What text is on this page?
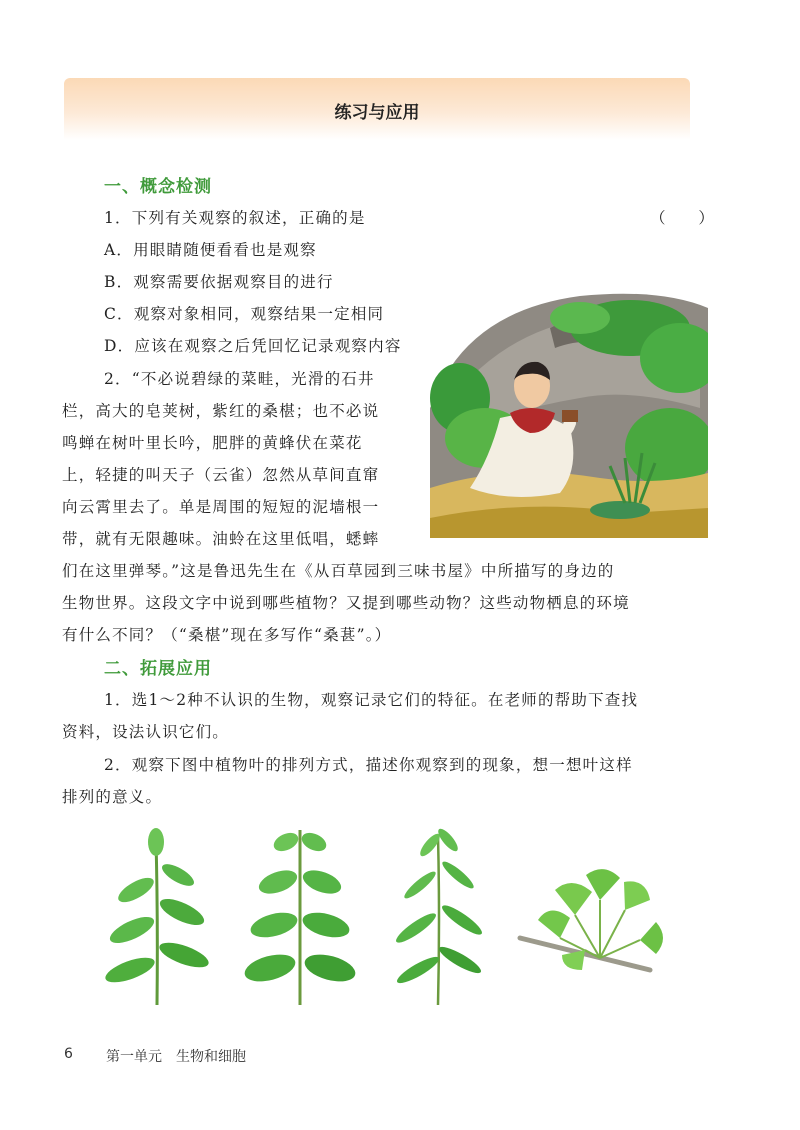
练习与应用
一、概念检测
1．下列有关观察的叙述，正确的是	（ ）
A．用眼睛随便看看也是观察
B．观察需要依据观察目的进行
C．观察对象相同，观察结果一定相同
D．应该在观察之后凭回忆记录观察内容
2．“不必说碧绿的菜畦，光滑的石井
栏，高大的皂荚树，紫红的桑椹；也不必说
鸣蝉在树叶里长吟，肥胖的黄蜂伏在菜花
上，轻捷的叫天子（云雀）忽然从草间直窜
向云霄里去了。单是周围的短短的泥墙根一
带，就有无限趣味。油蛉在这里低唱，蟋蟀
们在这里弹琴。”这是鲁迅先生在《从百草园到三味书屋》中所描写的身边的
生物世界。这段文字中说到哪些植物？又提到哪些动物？这些动物栖息的环境
有什么不同？（“桑椹”现在多写作“桑葚”。）
二、拓展应用
1．选1～2种不认识的生物，观察记录它们的特征。在老师的帮助下查找
资料，设法认识它们。
2．观察下图中植物叶的排列方式，描述你观察到的现象，想一想叶这样
排列的意义。
6 第一单元　生物和细胞
